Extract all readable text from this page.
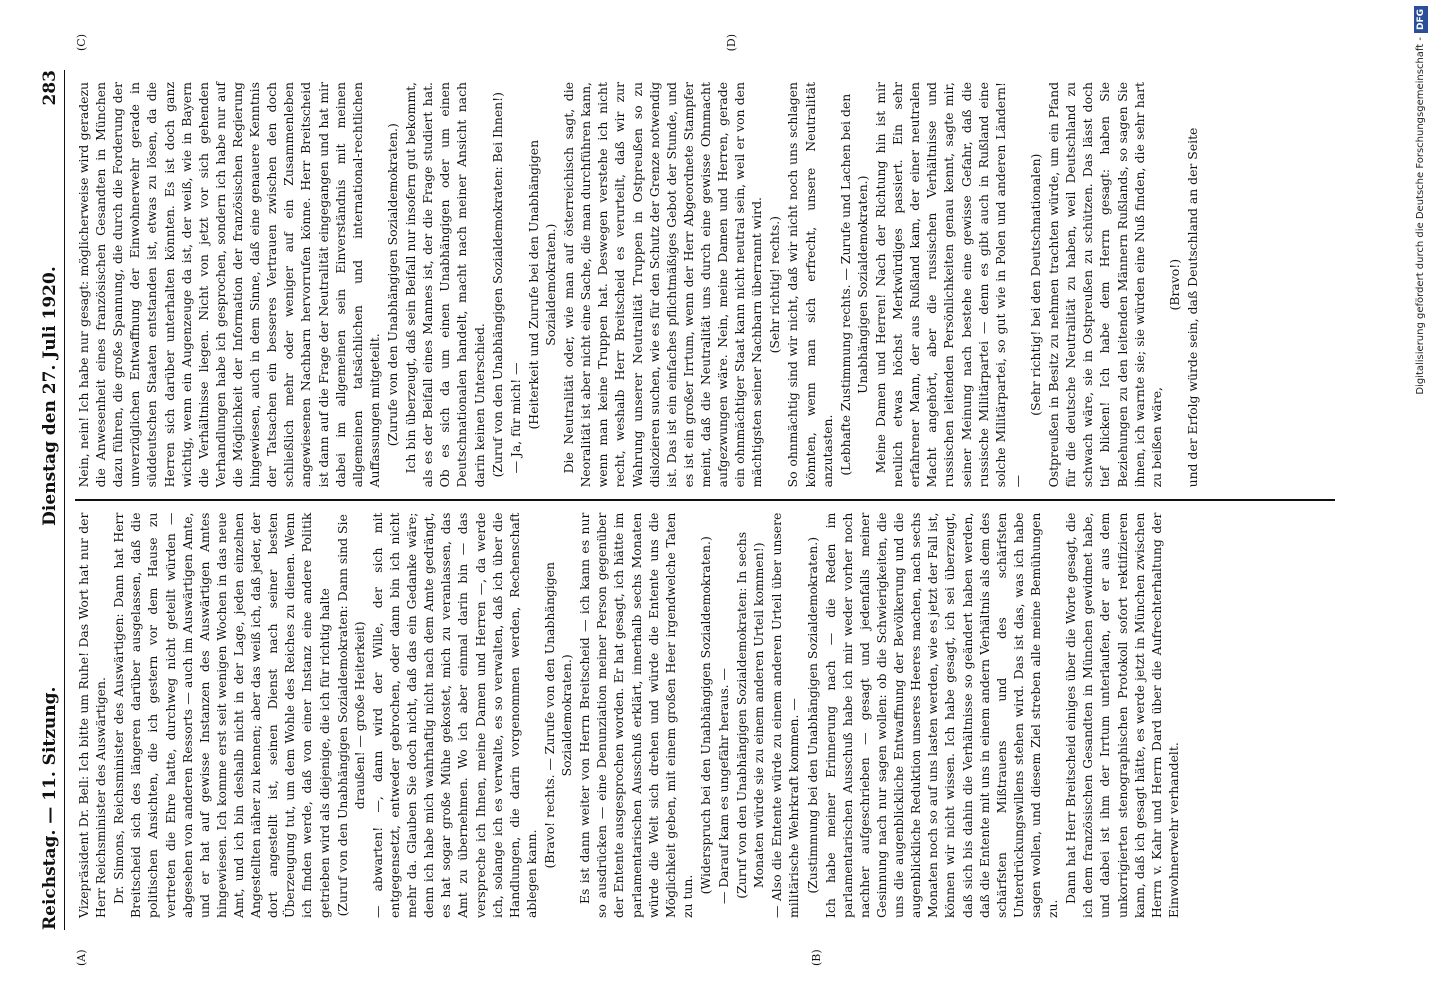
Reichstag. — 11. Sitzung.
Dienstag den 27. Juli 1920.
283
(A)	(B)
(C)	(D)

Vizepräsident Dr. Bell: Ich bitte um Ruhe! Das Wort hat nur der Herr Reichsminister des Auswärtigen. Dr. Simons, Reichsminister des Auswärtigen: Dann hat Herr Breitscheid sich des längeren darüber ausgelassen, daß die politischen Ansichten, die ich gestern vor dem Hause zu vertreten die Ehre hatte, durchweg nicht geteilt würden — abgesehen von anderen Ressorts — auch im Auswärtigen Amte, und er hat auf gewisse Instanzen des Auswärtigen Amtes hingewiesen. Ich komme erst seit wenigen Wochen in das neue Amt, und ich bin deshalb nicht in der Lage, jeden einzelnen Angestellten näher zu kennen; aber das weiß ich, daß jeder, der dort angestellt ist, seinen Dienst nach seiner besten Überzeugung tut, um dem Wohle des Reiches zu dienen. Wenn ich finden werde, daß von einer Instanz eine andere Politik getrieben wird als diejenige, die ich für richtig halte (Zuruf von den Unabhängigen Sozialdemokraten: Dann sind Sie draußen! — große Heiterkeit) — abwarten! —, dann wird der Wille, der sich mit entgegensetzt, entweder gebrochen, oder dann bin ich nicht mehr da. Glauben Sie doch nicht, daß das ein Gedanke wäre; denn ich habe mich wahrhaftig nicht nach dem Amte gedrängt, es hat sogar große Mühe gekostet, mich zu veranlassen, das Amt zu übernehmen. Wo ich aber einmal darin bin — das verspreche ich Ihnen, meine Damen und Herren —, da werde ich, solange ich es verwalte, es so verwalten, daß ich über die Handlungen, die darin vorgenommen werden, Rechenschaft ablegen kann.

(Bravo! rechts. — Zurufe von den Unabhängigen Sozialdemokraten.) Es ist dann weiter von Herrn Breitscheid — ich kann es nur so ausdrücken — eine Denunziation meiner Person gegenüber der Entente ausgesprochen worden. Er hat gesagt, ich hätte im parlamentarischen Ausschuß erklärt, innerhalb sechs Monaten würde die Welt sich drehen und würde die Entente uns die Möglichkeit geben, mit einem großen Heer irgendwelche Taten zu tun.

(Widerspruch bei den Unabhängigen Sozialdemokraten.) — Darauf kam es ungefähr heraus. — (Zuruf von den Unabhängigen Sozialdemokraten: In sechs Monaten würde sie zu einem anderen Urteil kommen!) — Also die Entente würde zu einem anderen Urteil über unsere militärische Wehrkraft kommen. — (Zustimmung bei den Unabhängigen Sozialdemokraten.) Ich habe meiner Erinnerung nach — die Reden im parlamentarischen Ausschuß habe ich mir weder vorher noch nachher aufgeschrieben — gesagt und jedenfalls meiner Gesinnung nach nur sagen wollen: ob die Schwierigkeiten, die uns die augenblickliche Entwaffnung der Bevölkerung und die augenblickliche Reduktion unseres Heeres machen, nach sechs Monaten noch so auf uns lasten werden, wie es jetzt der Fall ist, können wir nicht wissen. Ich habe gesagt, ich sei überzeugt, daß sich bis dahin die Verhältnisse so geändert haben werden, daß die Entente mit uns in einem andern Verhältnis als dem des schärfsten Mißtrauens und des schärfsten Unterdrückungswillens stehen wird. Das ist das, was ich habe sagen wollen, und diesem Ziel streben alle meine Bemühungen zu.

Dann hat Herr Breitscheid einiges über die Worte gesagt, die ich dem französischen Gesandten in München gewidmet habe, und dabei ist ihm der Irrtum unterlaufen, der er aus dem unkorrigierten stenographischen Protokoll sofort rektifizieren kann, daß ich gesagt hätte, es werde jetzt in München zwischen Herrn v. Kahr und Herrn Dard über die Aufrechterhaltung der Einwohnerwehr verhandelt.

Nein, nein! Ich habe nur gesagt: möglicherweise wird geradezu die Anwesenheit eines französischen Gesandten in München dazu führen, die große Spannung, die durch die Forderung der unverzüglichen Entwaffnung der Einwohnerwehr gerade in süddeutschen Staaten entstanden ist, etwas zu lösen, da die Herren sich darüber unterhalten könnten. Es ist doch ganz wichtig, wenn ein Augenzeuge da ist, der weiß, wie in Bayern die Verhältnisse liegen. Nicht von jetzt vor sich gehenden Verhandlungen habe ich gesprochen, sondern ich habe nur auf die Möglichkeit der Information der französischen Regierung hingewiesen, auch in dem Sinne, daß eine genauere Kenntnis der Tatsachen ein besseres Vertrauen zwischen den doch schließlich mehr oder weniger auf ein Zusammenleben angewiesenen Nachbarn hervorrufen könne. Herr Breitscheid ist dann auf die Frage der Neutralität eingegangen und hat mir dabei im allgemeinen sein Einverständnis mit meinen allgemeinen tatsächlichen und international-rechtlichen Auffassungen mitgeteilt. (Zurufe von den Unabhängigen Sozialdemokraten.) Ich bin überzeugt, daß sein Beifall nur insofern gut bekommt, als es der Beifall eines Mannes ist, der die Frage studiert hat. Ob es sich da um einen Unabhängigen oder um einen Deutschnationalen handelt, macht nach meiner Ansicht nach darin keinen Unterschied. (Zuruf von den Unabhängigen Sozialdemokraten: Bei Ihnen!) — Ja, für mich! — (Heiterkeit und Zurufe bei den Unabhängigen Sozialdemokraten.) Die Neutralität oder, wie man auf österreichisch sagt, die Neoralität ist aber nicht eine Sache, die man durchführen kann, wenn man keine Truppen hat. Deswegen verstehe ich nicht recht, weshalb Herr Breitscheid es verurteilt, daß wir zur Wahrung unserer Neutralität Truppen in Ostpreußen so zu dislozieren suchen, wie es für den Schutz der Grenze notwendig ist. Das ist ein einfaches pflichtmäßiges Gebot der Stunde, und es ist ein großer Irrtum, wenn der Herr Abgeordnete Stampfer meint, daß die Neutralität uns durch eine gewisse Ohnmacht aufgezwungen wäre. Nein, meine Damen und Herren, gerade ein ohnmächtiger Staat kann nicht neutral sein, weil er von den mächtigsten seiner Nachbarn überrannt wird. (Sehr richtig! rechts.) So ohnmächtig sind wir nicht, daß wir nicht noch uns schlagen könnten, wenn man sich erfrecht, unsere Neutralität anzutasten. (Lebhafte Zustimmung rechts. — Zurufe und Lachen bei den Unabhängigen Sozialdemokraten.) Meine Damen und Herren! Nach der Richtung hin ist mir neulich etwas höchst Merkwürdiges passiert. Ein sehr erfahrener Mann, der aus Rußland kam, der einer neutralen Macht angehört, aber die russischen Verhältnisse und russischen leitenden Persönlichkeiten genau kennt, sagte mir, seiner Meinung nach bestehe eine gewisse Gefahr, daß die russische Militärpartei — denn es gibt auch in Rußland eine solche Militärpartei, so gut wie in Polen und anderen Ländern! —

(Sehr richtig! bei den Deutschnationalen) Ostpreußen in Besitz zu nehmen trachten würde, um ein Pfand für die deutsche Neutralität zu haben, weil Deutschland zu schwach wäre, sie in Ostpreußen zu schützen. Das lässt doch tief blicken! Ich habe dem Herrn gesagt: haben Sie Beziehungen zu den leitenden Männern Rußlands, so sagen Sie ihnen, ich warnte sie; sie würden eine Nuß finden, die sehr hart zu beißen wäre,

(Bravo!) und der Erfolg würde sein, daß Deutschland an der Seite	Digitalisierung gefördert durch die Deutsche Forschungsgemeinschaft -DFG
